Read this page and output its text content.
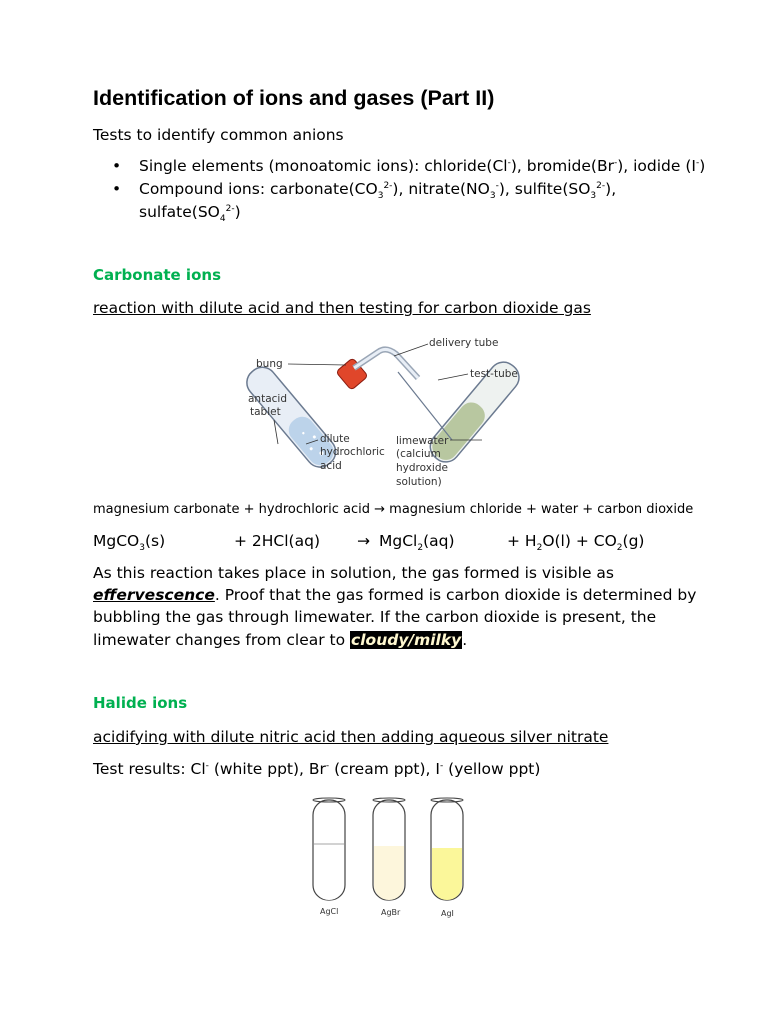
Identification of ions and gases (Part II)
Tests to identify common anions
• Single elements (monoatomic ions): chloride(Cl-), bromide(Br-), iodide (I-)
• Compound ions: $carbonate(CO_3^{2-})$, $nitrate(NO_3^-)$, $sulfite(SO_3^{2-})$,
$sulfate(SO_4^{2-})$
Carbonate ions
reaction with dilute acid and then testing for carbon dioxide gas
delivery tube
bung
test-tube
antacid
tablet
dilute
hydrochloric
acid
limewater
(calcium
hydroxide
solution)
magnesium carbonate + hydrochloric acid → magnesium chloride + water + carbon dioxide
MgCO$_3$(s)	+ 2HCl(aq) → MgCl$_2$(aq)	+ $H_2O(l) + CO_2(g)$
As this reaction takes place in solution, the gas formed is visible as
effervescence. Proof that the gas formed is carbon dioxide is determined by
bubbling the gas through limewater. If the carbon dioxide is present, the
limewater changes from clear to cloudy/milky.
Halide ions
acidifying with dilute nitric acid then adding aqueous silver nitrate
Test results: Cl- (white ppt), Br- (cream ppt), I- (yellow ppt)
AgCl	AgBr	AgI
